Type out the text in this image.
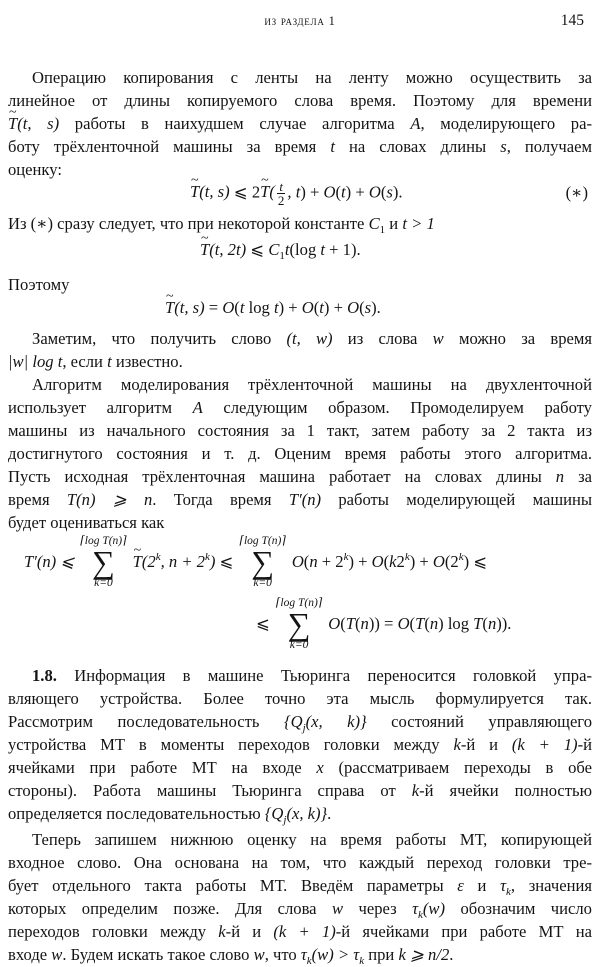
из раздела 1	145
Операцию копирования с ленты на ленту можно осуществить за
линейное от длины копируемого слова время. Поэтому для времени
~ T(t, s) работы в наихудшем случае алгоритма A, моделирующего ра-
боту трёхленточной машины за время t на словах длины s, получаем
оценку:
~ T(t, s) ⩽ 2~ $T( \frac{t}{2}$ , t) + O(t) + O(s).	(∗)
Из (∗) сразу следует, что при некоторой константе $C_1$ и t > 1
~ T(t, 2t) ⩽ $C_1t(\log$ t + 1).
Поэтому
~ T(t, s) = O(t log t) + O(t) + O(s).
Заметим, что получить слово (t, w) из слова w можно за время
|w| log t, если t известно.
Алгоритм моделирования трёхленточной машины на двухленточной
использует алгоритм A следующим образом. Промоделируем работу
машины из начального состояния за 1 такт, затем работу за 2 такта из
достигнутого состояния и т. д. Оценим время работы этого алгоритма.
Пусть исходная трёхленточная машина работает на словах длины n за
время T(n) ⩾ n. Тогда время T′(n) работы моделирующей машины
будет оцениваться как
T′(n) ⩽
⌈log T(n)⌉
∑
k=0
~ T(2$^k$, $n + 2^k$) ⩽
⌈log T(n)⌉
∑
k=0
$O(n + 2^k) + O(k2^k) + O(2^k)$ ⩽
⩽
⌈log T(n)⌉
∑
k=0
O(T(n)) = O(T(n) log T(n)).
1.8. Информация в машине Тьюринга переносится головкой упра-
вляющего устройства. Более точно эта мысль формулируется так.
Рассмотрим последовательность {$Q_j(x$, k)} состояний управляющего
устройства МТ в моменты переходов головки между k-й и (k + 1)-й
ячейками при работе МТ на входе x (рассматриваем переходы в обе
стороны). Работа машины Тьюринга справа от k-й ячейки полностью
определяется последовательностью {$Q_j(x$, k)}.
Теперь запишем нижнюю оценку на время работы МТ, копирующей
входное слово. Она основана на том, что каждый переход головки тре-
бует отдельного такта работы МТ. Введём параметры ε и $\tau_k$, значения
которых определим позже. Для слова w через $\tau_k(w)$ обозначим число
переходов головки между k-й и (k + 1)-й ячейками при работе МТ на
входе w. Будем искать такое слово w, что $\tau_k(w) > \tau_k$ при k ⩾ n/2.
